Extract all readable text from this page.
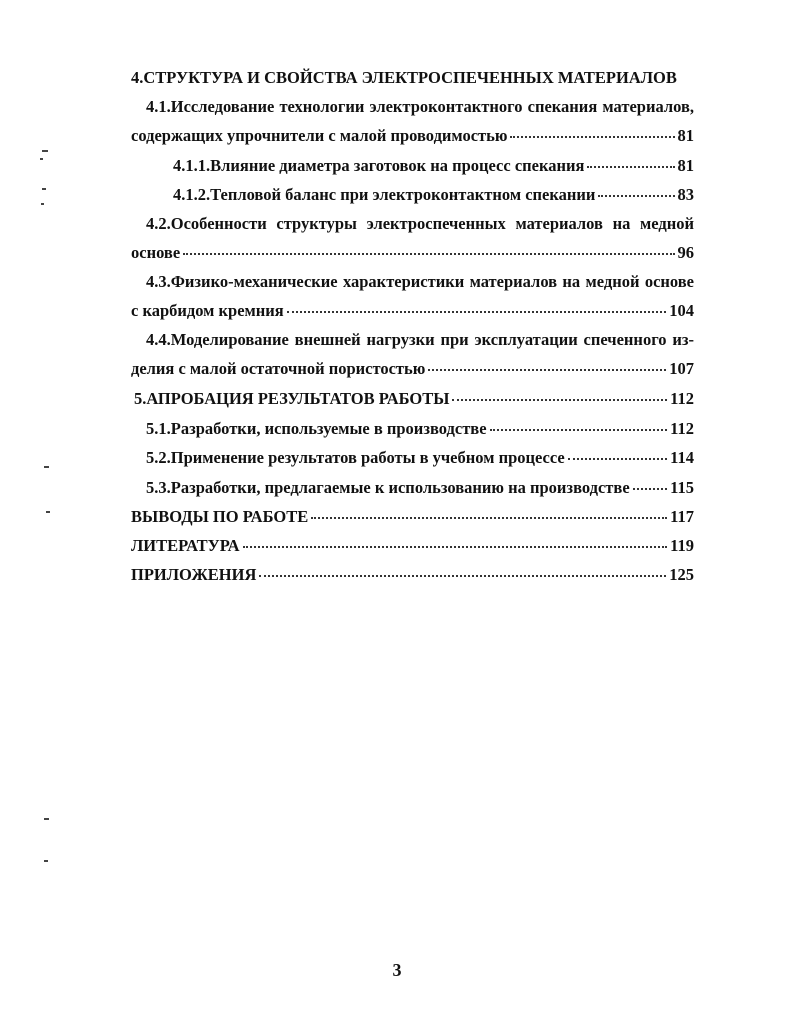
4.СТРУКТУРА И СВОЙСТВА ЭЛЕКТРОСПЕЧЕННЫХ МАТЕРИАЛОВ
4.1.Исследование технологии электроконтактного спекания материалов,
содержащих упрочнители с малой проводимостью	81
4.1.1.Влияние диаметра заготовок на процесс спекания	81
4.1.2.Тепловой баланс при электроконтактном спекании	83
4.2.Особенности структуры электроспеченных материалов на медной
основе	96
4.3.Физико-механические характеристики материалов на медной основе
с карбидом кремния	104
4.4.Моделирование внешней нагрузки при эксплуатации спеченного из-
делия с малой остаточной пористостью	107
5.АПРОБАЦИЯ РЕЗУЛЬТАТОВ РАБОТЫ	112
5.1.Разработки, используемые в производстве	112
5.2.Применение результатов работы в учебном процессе	114
5.3.Разработки, предлагаемые к использованию на производстве 115
ВЫВОДЫ ПО РАБОТЕ	117
ЛИТЕРАТУРА	119
ПРИЛОЖЕНИЯ	125
3
